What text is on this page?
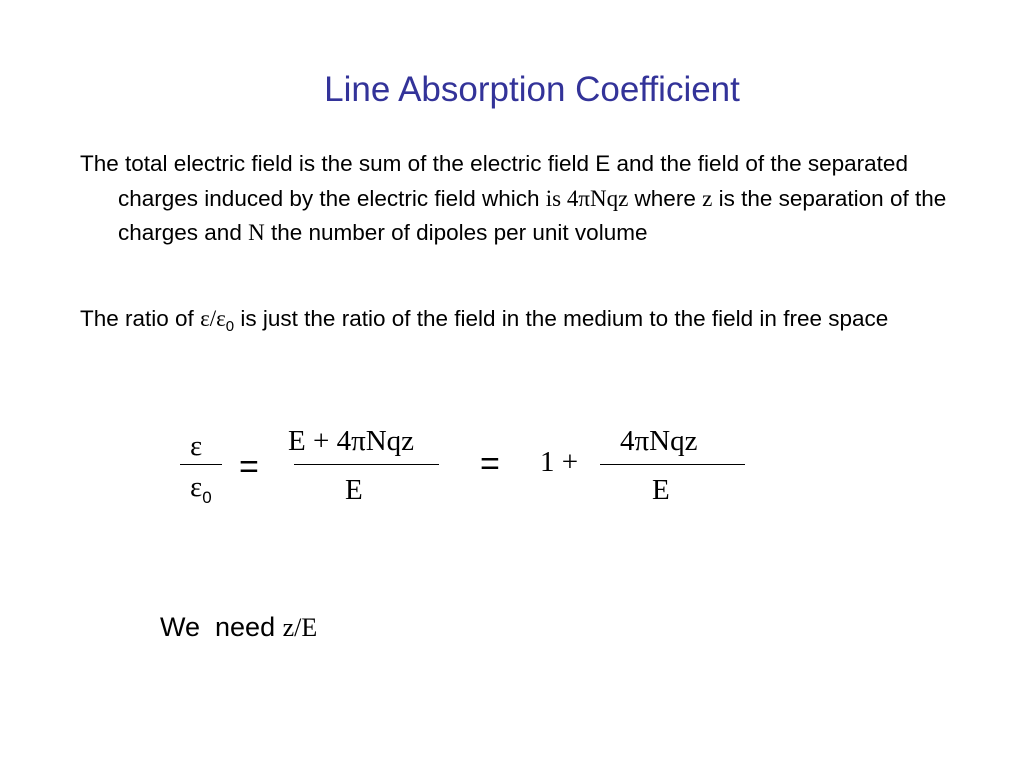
Line Absorption Coefficient
The total electric field is the sum of the electric field E and the field of the separated charges induced by the electric field which is 4πNqz where z is the separation of the charges and N the number of dipoles per unit volume
The ratio of $\varepsilon/\varepsilon_0$ is just the ratio of the field in the medium to the field in free space
ε
$\varepsilon_0$
=
E + 4πNqz
E
= 1 +
4πNqz
E
We  need z/E
